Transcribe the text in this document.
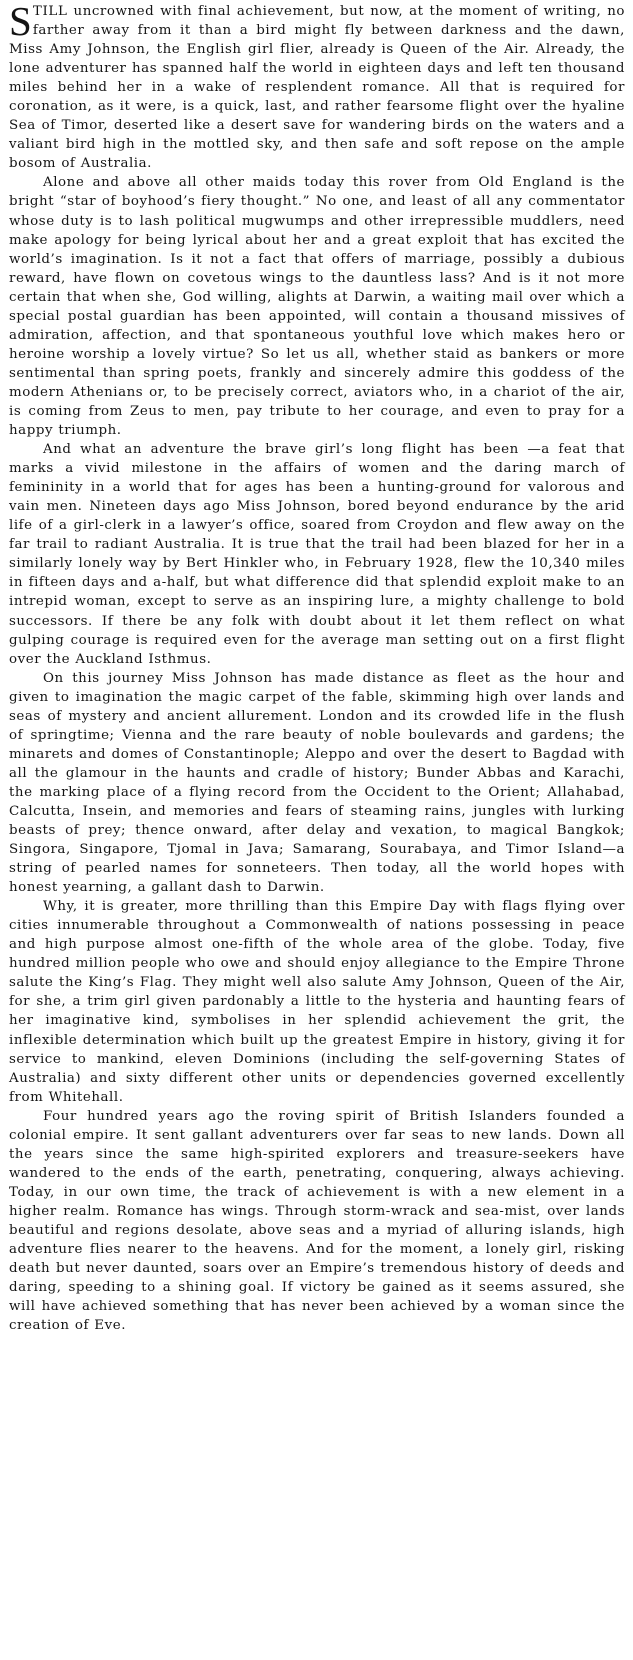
STILL uncrowned with final achievement, but now, at the moment of writing, no farther away from it than a bird might fly between darkness and the dawn, Miss Amy Johnson, the English girl flier, already is Queen of the Air. Already, the lone adventurer has spanned half the world in eighteen days and left ten thousand miles behind her in a wake of resplendent romance. All that is required for coronation, as it were, is a quick, last, and rather fearsome flight over the hyaline Sea of Timor, deserted like a desert save for wandering birds on the waters and a valiant bird high in the mottled sky, and then safe and soft repose on the ample bosom of Australia.

Alone and above all other maids today this rover from Old England is the bright “star of boyhood’s fiery thought.” No one, and least of all any commentator whose duty is to lash political mugwumps and other irrepressible muddlers, need make apology for being lyrical about her and a great exploit that has excited the world’s imagination. Is it not a fact that offers of marriage, possibly a dubious reward, have flown on covetous wings to the dauntless lass? And is it not more certain that when she, God willing, alights at Darwin, a waiting mail over which a special postal guardian has been appointed, will contain a thousand missives of admiration, affection, and that spontaneous youthful love which makes hero or heroine worship a lovely virtue? So let us all, whether staid as bankers or more sentimental than spring poets, frankly and sincerely admire this goddess of the modern Athenians or, to be precisely correct, aviators who, in a chariot of the air, is coming from Zeus to men, pay tribute to her courage, and even to pray for a happy triumph.

And what an adventure the brave girl’s long flight has been —a feat that marks a vivid milestone in the affairs of women and the daring march of femininity in a world that for ages has been a hunting-ground for valorous and vain men. Nineteen days ago Miss Johnson, bored beyond endurance by the arid life of a girl-clerk in a lawyer’s office, soared from Croydon and flew away on the far trail to radiant Australia. It is true that the trail had been blazed for her in a similarly lonely way by Bert Hinkler who, in February 1928, flew the 10,340 miles in fifteen days and a-half, but what difference did that splendid exploit make to an intrepid woman, except to serve as an inspiring lure, a mighty challenge to bold successors. If there be any folk with doubt about it let them reflect on what gulping courage is required even for the average man setting out on a first flight over the Auckland Isthmus.

On this journey Miss Johnson has made distance as fleet as the hour and given to imagination the magic carpet of the fable, skimming high over lands and seas of mystery and ancient allurement. London and its crowded life in the flush of springtime; Vienna and the rare beauty of noble boulevards and gardens; the minarets and domes of Constantinople; Aleppo and over the desert to Bagdad with all the glamour in the haunts and cradle of history; Bunder Abbas and Karachi, the marking place of a flying record from the Occident to the Orient; Allahabad, Calcutta, Insein, and memories and fears of steaming rains, jungles with lurking beasts of prey; thence onward, after delay and vexation, to magical Bangkok; Singora, Singapore, Tjomal in Java; Samarang, Sourabaya, and Timor Island—a string of pearled names for sonneteers. Then today, all the world hopes with honest yearning, a gallant dash to Darwin.

Why, it is greater, more thrilling than this Empire Day with flags flying over cities innumerable throughout a Commonwealth of nations possessing in peace and high purpose almost one-fifth of the whole area of the globe. Today, five hundred million people who owe and should enjoy allegiance to the Empire Throne salute the King’s Flag. They might well also salute Amy Johnson, Queen of the Air, for she, a trim girl given pardonably a little to the hysteria and haunting fears of her imaginative kind, symbolises in her splendid achievement the grit, the inflexible determination which built up the greatest Empire in history, giving it for service to mankind, eleven Dominions (including the self-governing States of Australia) and sixty different other units or dependencies governed excellently from Whitehall.

Four hundred years ago the roving spirit of British Islanders founded a colonial empire. It sent gallant adventurers over far seas to new lands. Down all the years since the same high-spirited explorers and treasure-seekers have wandered to the ends of the earth, penetrating, conquering, always achieving. Today, in our own time, the track of achievement is with a new element in a higher realm. Romance has wings. Through storm-wrack and sea-mist, over lands beautiful and regions desolate, above seas and a myriad of alluring islands, high adventure flies nearer to the heavens. And for the moment, a lonely girl, risking death but never daunted, soars over an Empire’s tremendous history of deeds and daring, speeding to a shining goal. If victory be gained as it seems assured, she will have achieved something that has never been achieved by a woman since the creation of Eve.
